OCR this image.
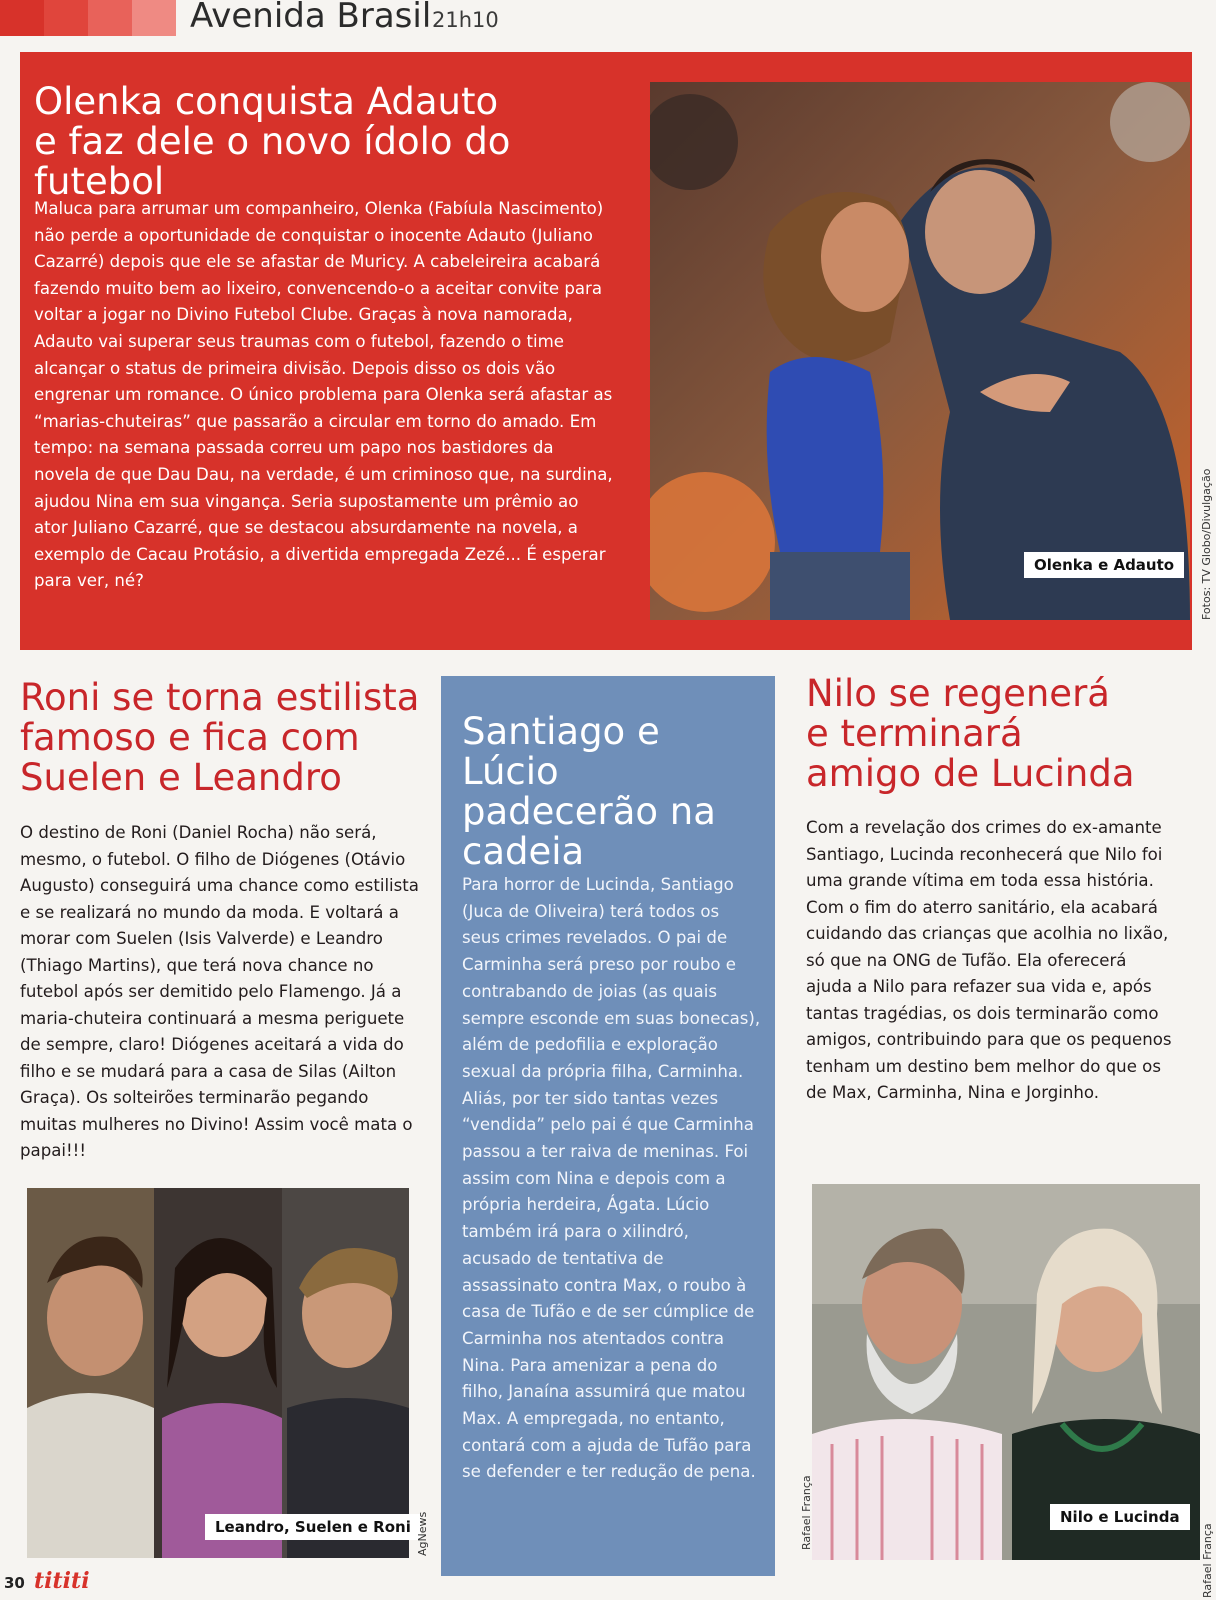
Avenida Brasil 21h10
Olenka conquista Adauto
e faz dele o novo ídolo do futebol

Maluca para arrumar um companheiro, Olenka (Fabíula Nascimento) não perde a oportunidade de conquistar o inocente Adauto (Juliano Cazarré) depois que ele se afastar de Muricy. A cabeleireira acabará fazendo muito bem ao lixeiro, convencendo-o a aceitar convite para voltar a jogar no Divino Futebol Clube. Graças à nova namorada, Adauto vai superar seus traumas com o futebol, fazendo o time alcançar o status de primeira divisão. Depois disso os dois vão engrenar um romance. O único problema para Olenka será afastar as “marias-chuteiras” que passarão a circular em torno do amado. Em tempo: na semana passada correu um papo nos bastidores da novela de que Dau Dau, na verdade, é um criminoso que, na surdina, ajudou Nina em sua vingança. Seria supostamente um prêmio ao ator Juliano Cazarré, que se destacou absurdamente na novela, a exemplo de Cacau Protásio, a divertida empregada Zezé... É esperar para ver, né?

Olenka e Adauto	Fotos: TV Globo/Divulgação
Roni se torna estilista
famoso e fica com
Suelen e Leandro

O destino de Roni (Daniel Rocha) não será, mesmo, o futebol. O filho de Diógenes (Otávio Augusto) conseguirá uma chance como estilista e se realizará no mundo da moda. E voltará a morar com Suelen (Isis Valverde) e Leandro (Thiago Martins), que terá nova chance no futebol após ser demitido pelo Flamengo. Já a maria-chuteira continuará a mesma periguete de sempre, claro! Diógenes aceitará a vida do filho e se mudará para a casa de Silas (Ailton Graça). Os solteirões terminarão pegando muitas mulheres no Divino! Assim você mata o papai!!!

Leandro, Suelen e Roni AgNews
Santiago e Lúcio
padecerão na
cadeia

Para horror de Lucinda, Santiago (Juca de Oliveira) terá todos os seus crimes revelados. O pai de Carminha será preso por roubo e contrabando de joias (as quais sempre esconde em suas bonecas), além de pedofilia e exploração sexual da própria filha, Carminha. Aliás, por ter sido tantas vezes “vendida” pelo pai é que Carminha passou a ter raiva de meninas. Foi assim com Nina e depois com a própria herdeira, Ágata. Lúcio também irá para o xilindró, acusado de tentativa de assassinato contra Max, o roubo à casa de Tufão e de ser cúmplice de Carminha nos atentados contra Nina. Para amenizar a pena do filho, Janaína assumirá que matou Max. A empregada, no entanto, contará com a ajuda de Tufão para se defender e ter redução de pena.

Nilo se regenerá
e terminará
amigo de Lucinda

Com a revelação dos crimes do ex-amante Santiago, Lucinda reconhecerá que Nilo foi uma grande vítima em toda essa história. Com o fim do aterro sanitário, ela acabará cuidando das crianças que acolhia no lixão, só que na ONG de Tufão. Ela oferecerá ajuda a Nilo para refazer sua vida e, após tantas tragédias, os dois terminarão como amigos, contribuindo para que os pequenos tenham um destino bem melhor do que os de Max, Carminha, Nina e Jorginho.

Nilo e Lucinda
Rafael França
Rafael França
30 tititi
